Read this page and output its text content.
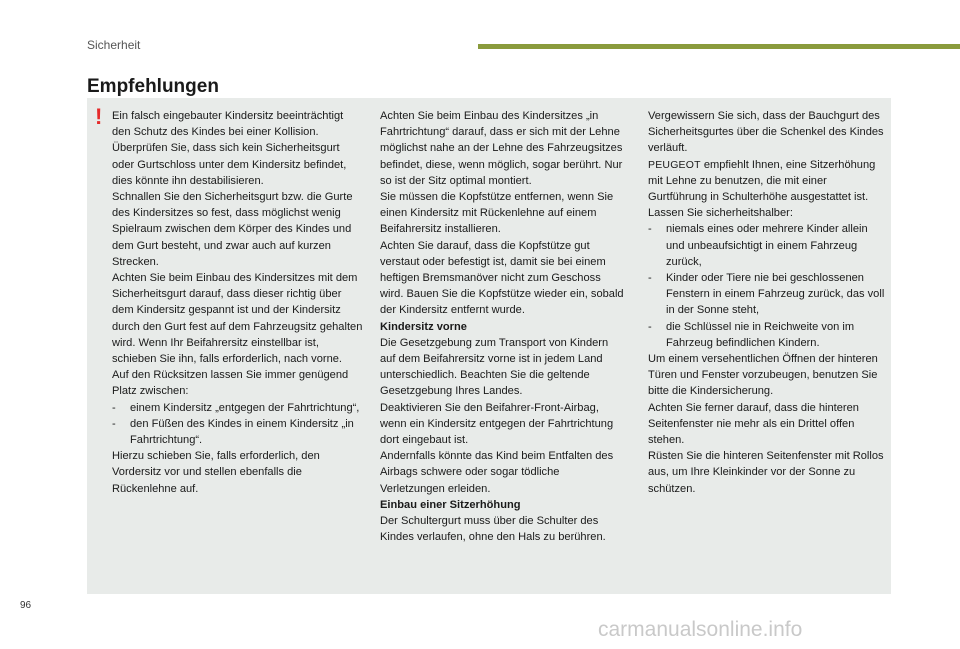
Sicherheit
Empfehlungen
! Ein falsch eingebauter Kindersitz beeinträchtigt den Schutz des Kindes bei einer Kollision.

Überprüfen Sie, dass sich kein Sicherheitsgurt oder Gurtschloss unter dem Kindersitz befindet, dies könnte ihn destabilisieren.

Schnallen Sie den Sicherheitsgurt bzw. die Gurte des Kindersitzes so fest, dass möglichst wenig Spielraum zwischen dem Körper des Kindes und dem Gurt besteht, und zwar auch auf kurzen Strecken.

Achten Sie beim Einbau des Kindersitzes mit dem Sicherheitsgurt darauf, dass dieser richtig über dem Kindersitz gespannt ist und der Kindersitz durch den Gurt fest auf dem Fahrzeugsitz gehalten wird. Wenn Ihr Beifahrersitz einstellbar ist, schieben Sie ihn, falls erforderlich, nach vorne.

Auf den Rücksitzen lassen Sie immer genügend Platz zwischen:

- einem Kindersitz „entgegen der Fahrtrichtung“,
- den Füßen des Kindes in einem Kindersitz „in Fahrtrichtung“.

Hierzu schieben Sie, falls erforderlich, den Vordersitz vor und stellen ebenfalls die Rückenlehne auf.

Achten Sie beim Einbau des Kindersitzes „in Fahrtrichtung“ darauf, dass er sich mit der Lehne möglichst nahe an der Lehne des Fahrzeugsitzes befindet, diese, wenn möglich, sogar berührt. Nur so ist der Sitz optimal montiert.

Sie müssen die Kopfstütze entfernen, wenn Sie einen Kindersitz mit Rückenlehne auf einem Beifahrersitz installieren.

Achten Sie darauf, dass die Kopfstütze gut verstaut oder befestigt ist, damit sie bei einem heftigen Bremsmanöver nicht zum Geschoss wird. Bauen Sie die Kopfstütze wieder ein, sobald der Kindersitz entfernt wurde.

Kindersitz vorne

Die Gesetzgebung zum Transport von Kindern auf dem Beifahrersitz vorne ist in jedem Land unterschiedlich. Beachten Sie die geltende Gesetzgebung Ihres Landes.

Deaktivieren Sie den Beifahrer-Front-Airbag, wenn ein Kindersitz entgegen der Fahrtrichtung dort eingebaut ist.

Andernfalls könnte das Kind beim Entfalten des Airbags schwere oder sogar tödliche Verletzungen erleiden.

Einbau einer Sitzerhöhung

Der Schultergurt muss über die Schulter des Kindes verlaufen, ohne den Hals zu berühren.

Vergewissern Sie sich, dass der Bauchgurt des Sicherheitsgurtes über die Schenkel des Kindes verläuft.

PEUGEOT empfiehlt Ihnen, eine Sitzerhöhung mit Lehne zu benutzen, die mit einer Gurtführung in Schulterhöhe ausgestattet ist.

Lassen Sie sicherheitshalber:

- niemals eines oder mehrere Kinder allein und unbeaufsichtigt in einem Fahrzeug zurück,
- Kinder oder Tiere nie bei geschlossenen Fenstern in einem Fahrzeug zurück, das voll in der Sonne steht,
- die Schlüssel nie in Reichweite von im Fahrzeug befindlichen Kindern.

Um einem versehentlichen Öffnen der hinteren Türen und Fenster vorzubeugen, benutzen Sie bitte die Kindersicherung.

Achten Sie ferner darauf, dass die hinteren Seitenfenster nie mehr als ein Drittel offen stehen.

Rüsten Sie die hinteren Seitenfenster mit Rollos aus, um Ihre Kleinkinder vor der Sonne zu schützen.

96
carmanualsonline.info
